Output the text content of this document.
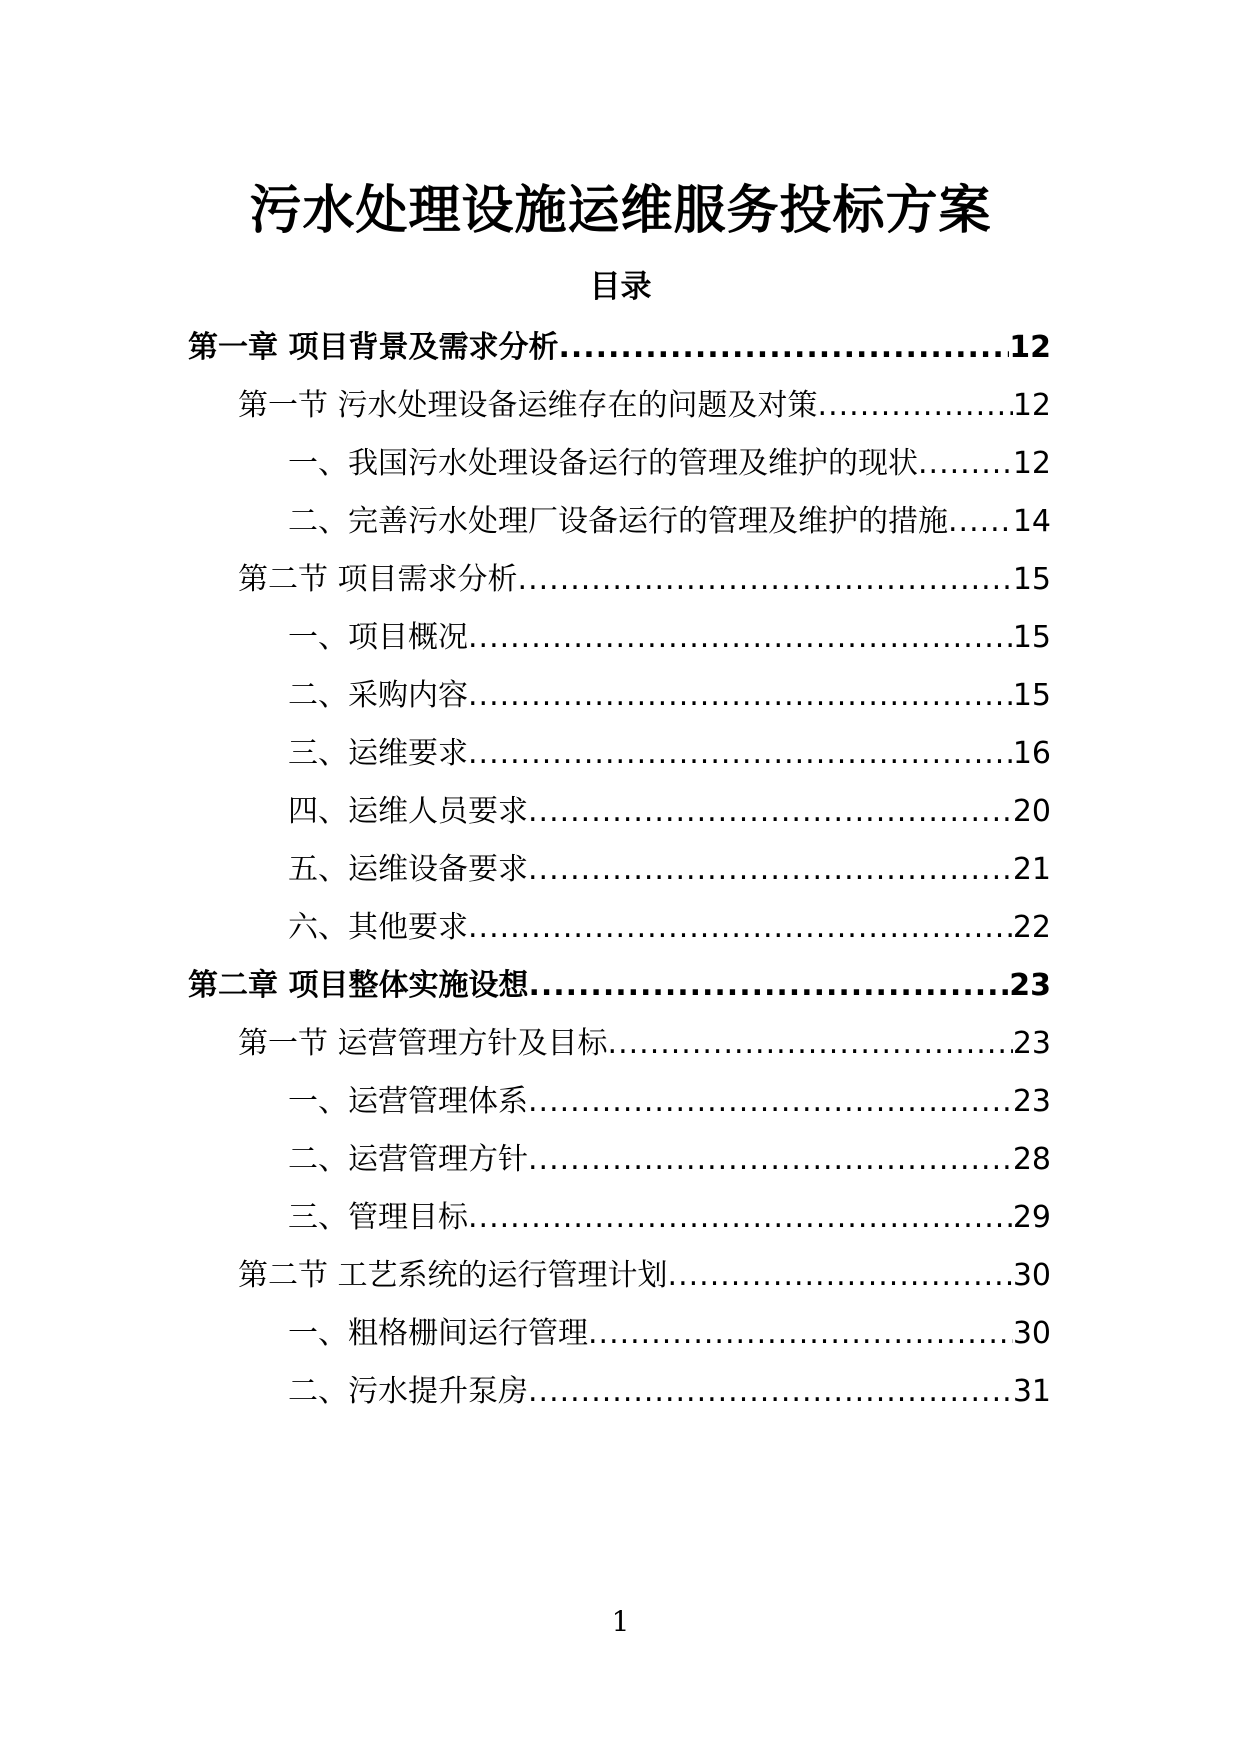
污水处理设施运维服务投标方案
目录
第一章 项目背景及需求分析 .....	12
第一节 污水处理设备运维存在的问题及对策 .....	12
一、我国污水处理设备运行的管理及维护的现状 .....	12
二、完善污水处理厂设备运行的管理及维护的措施 ..... 14
第二节 项目需求分析 .....	15
一、项目概况 .....	15
二、采购内容 .....	15
三、运维要求 .....	16
四、运维人员要求 .....	20
五、运维设备要求 .....	21
六、其他要求 .....	22
第二章 项目整体实施设想 .....	23
第一节 运营管理方针及目标 .....	23
一、运营管理体系 .....	23
二、运营管理方针 .....	28
三、管理目标 .....	29
第二节 工艺系统的运行管理计划 .....	30
一、粗格栅间运行管理 .....	30
二、污水提升泵房 .....	31
1
